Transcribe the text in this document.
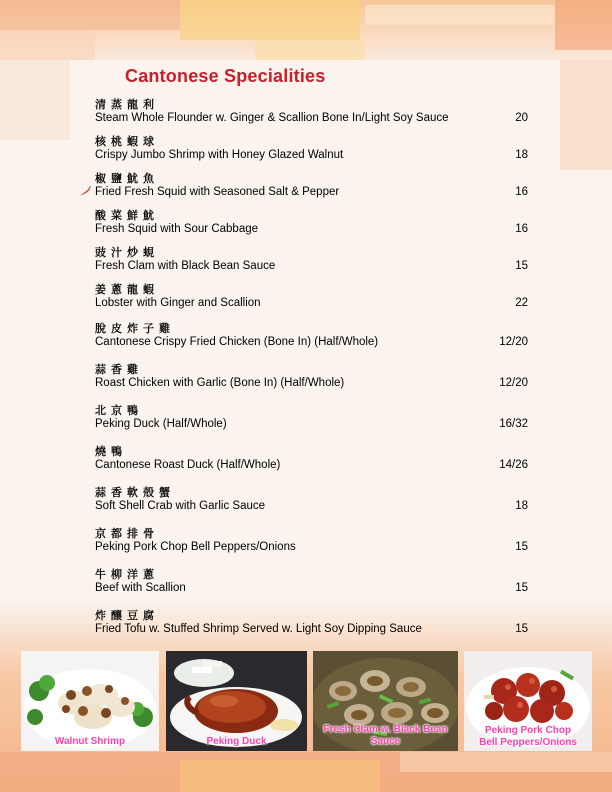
Cantonese Specialities
清蒸龍利
Steam Whole Flounder w. Ginger & Scallion Bone In/Light Soy Sauce	20
核桃蝦球
Crispy Jumbo Shrimp with Honey Glazed Walnut	18
椒鹽魷魚
Fried Fresh Squid with Seasoned Salt & Pepper	16
酸菜鮮魷
Fresh Squid with Sour Cabbage	16
豉汁炒蜆
Fresh Clam with Black Bean Sauce	15
姜蔥龍蝦
Lobster with Ginger and Scallion	22
脫皮炸子雞
Cantonese Crispy Fried Chicken (Bone In) (Half/Whole)	12/20
蒜香雞
Roast Chicken with Garlic (Bone In) (Half/Whole)	12/20
北京鴨
Peking Duck (Half/Whole)	16/32
燒鴨
Cantonese Roast Duck (Half/Whole)	14/26
蒜香軟殻蟹
Soft Shell Crab with Garlic Sauce	18
京都排骨
Peking Pork Chop Bell Peppers/Onions	15
牛柳洋蔥
Beef with Scallion	15
炸釀豆腐
Fried Tofu w. Stuffed Shrimp Served w. Light Soy Dipping Sauce	15
Walnut Shrimp	Peking Duck
Fresh Clam w. Black Bean Sauce
Peking Pork Chop
Bell Peppers/Onions
